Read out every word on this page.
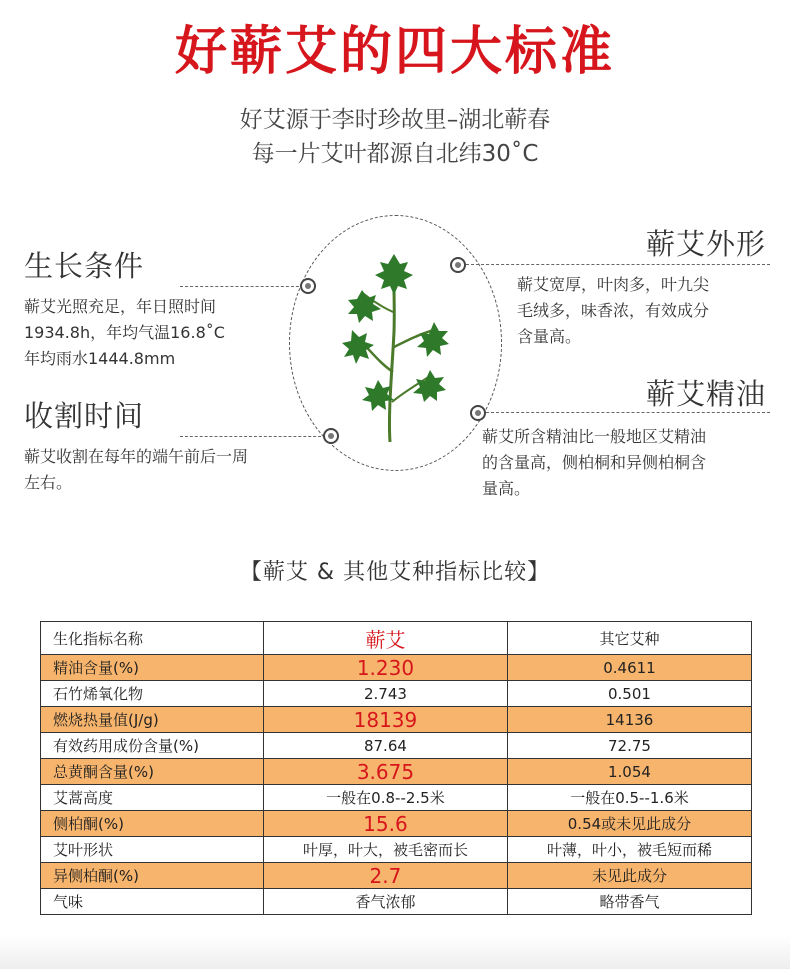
好蕲艾的四大标准
好艾源于李时珍故里–湖北蕲春
每一片艾叶都源自北纬30˚C
生长条件
蕲艾光照充足，年日照时间
1934.8h，年均气温16.8˚C
年均雨水1444.8mm
收割时间
蕲艾收割在每年的端午前后一周
左右。
蕲艾外形
蕲艾宽厚，叶肉多，叶九尖
毛绒多，味香浓，有效成分
含量高。
蕲艾精油
蕲艾所含精油比一般地区艾精油
的含量高，侧柏桐和异侧柏桐含
量高。
【蕲艾 & 其他艾种指标比较】
生化指标名称	蕲艾	其它艾种
精油含量(%)	1.230	0.4611
石竹烯氧化物	2.743	0.501
燃烧热量值(J/g)	18139	14136
有效药用成份含量(%)	87.64	72.75
总黄酮含量(%)	3.675	1.054
艾蒿高度	一般在0.8--2.5米	一般在0.5--1.6米
侧柏酮(%)	15.6	0.54或未见此成分
艾叶形状	叶厚，叶大，被毛密而长	叶薄，叶小，被毛短而稀
异侧柏酮(%)	2.7	未见此成分
气味	香气浓郁	略带香气
